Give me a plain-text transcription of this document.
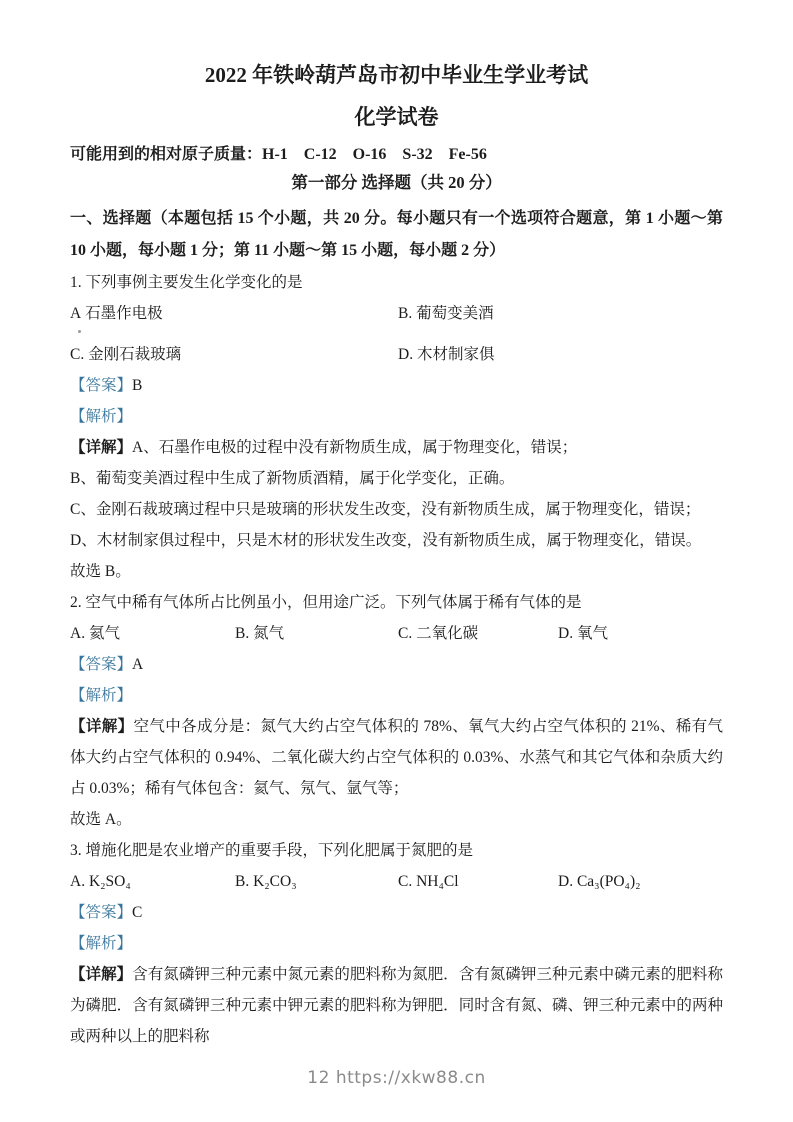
2022 年铁岭葫芦岛市初中毕业生学业考试

化学试卷

可能用到的相对原子质量：H-1　C-12　O-16　S-32　Fe-56

第一部分 选择题（共 20 分）

一、选择题（本题包括 15 个小题，共 20 分。每小题只有一个选项符合题意，第 1 小题～第 10 小题，每小题 1 分；第 11 小题～第 15 小题，每小题 2 分）

1. 下列事例主要发生化学变化的是

A 石墨作电极	B. 葡萄变美酒
C. 金刚石裁玻璃	D. 木材制家俱

【答案】B

【解析】

【详解】A、石墨作电极的过程中没有新物质生成，属于物理变化，错误；

B、葡萄变美酒过程中生成了新物质酒精，属于化学变化，正确。

C、金刚石裁玻璃过程中只是玻璃的形状发生改变，没有新物质生成，属于物理变化，错误；

D、木材制家俱过程中，只是木材的形状发生改变，没有新物质生成，属于物理变化，错误。

故选 B。

2. 空气中稀有气体所占比例虽小，但用途广泛。下列气体属于稀有气体的是

A. 氦气	B. 氮气	C. 二氧化碳	D. 氧气

【答案】A

【解析】

【详解】空气中各成分是：氮气大约占空气体积的 78%、氧气大约占空气体积的 21%、稀有气体大约占空气体积的 0.94%、二氧化碳大约占空气体积的 0.03%、水蒸气和其它气体和杂质大约占 0.03%；稀有气体包含：氦气、氖气、氩气等；

故选 A。

3. 增施化肥是农业增产的重要手段，下列化肥属于氮肥的是

A. K₂SO₄	B. K₂CO₃	C. NH₄Cl	D. Ca₃(PO₄)₂

【答案】C

【解析】

【详解】含有氮磷钾三种元素中氮元素的肥料称为氮肥．含有氮磷钾三种元素中磷元素的肥料称为磷肥．含有氮磷钾三种元素中钾元素的肥料称为钾肥．同时含有氮、磷、钾三种元素中的两种或两种以上的肥料称

12 https://xkw88.cn
